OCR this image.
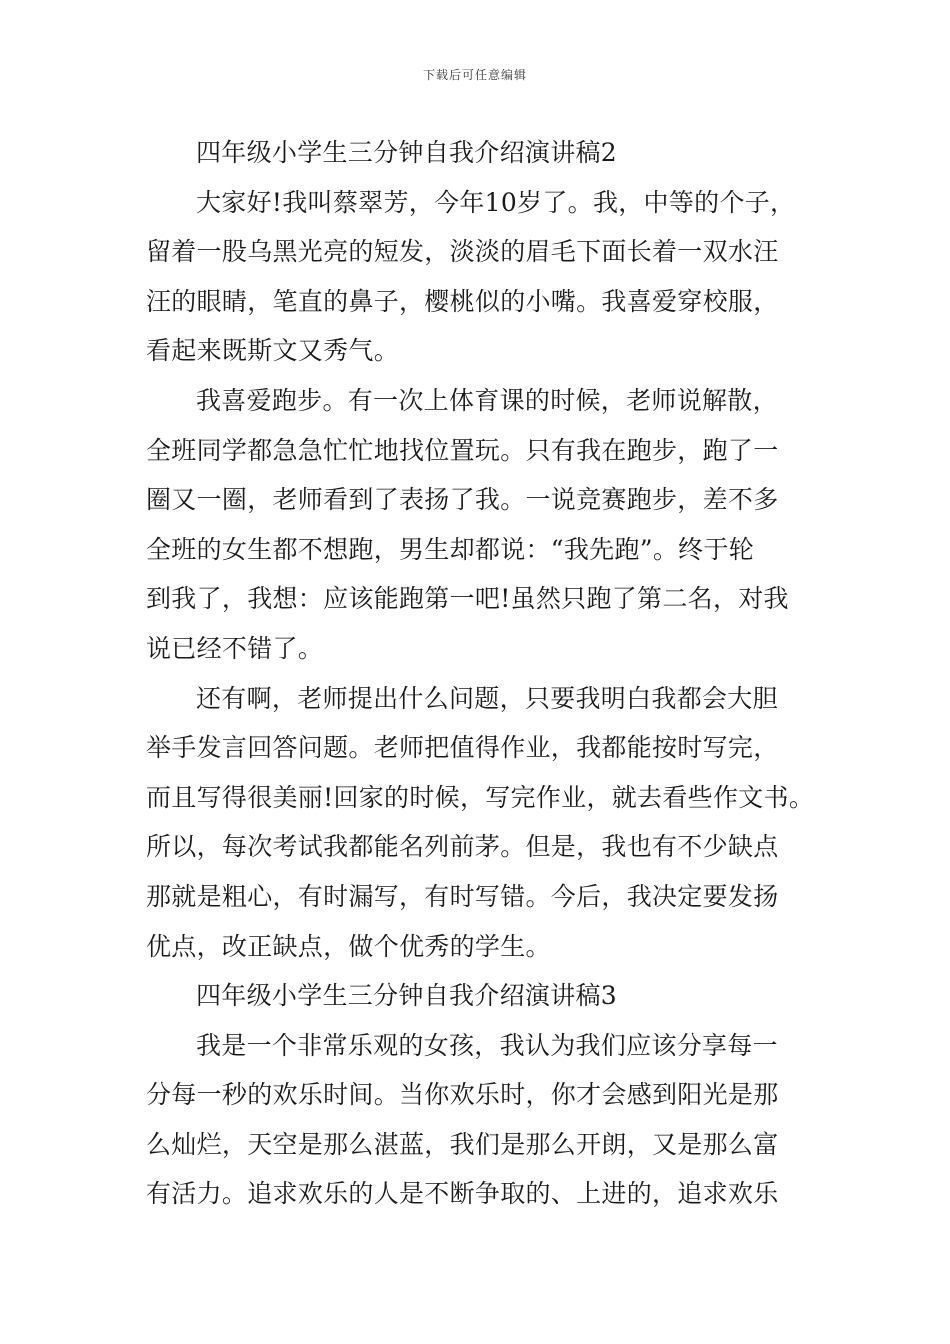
下载后可任意编辑

四年级小学生三分钟自我介绍演讲稿2

大家好!我叫蔡翠芳，今年10岁了。我，中等的个子，
留着一股乌黑光亮的短发，淡淡的眉毛下面长着一双水汪
汪的眼睛，笔直的鼻子，樱桃似的小嘴。我喜爱穿校服，
看起来既斯文又秀气。

我喜爱跑步。有一次上体育课的时候，老师说解散，
全班同学都急急忙忙地找位置玩。只有我在跑步，跑了一
圈又一圈，老师看到了表扬了我。一说竞赛跑步，差不多
全班的女生都不想跑，男生却都说：“我先跑”。终于轮
到我了，我想：应该能跑第一吧!虽然只跑了第二名，对我
说已经不错了。

还有啊，老师提出什么问题，只要我明白我都会大胆
举手发言回答问题。老师把值得作业，我都能按时写完，
而且写得很美丽!回家的时候，写完作业，就去看些作文书。
所以，每次考试我都能名列前茅。但是，我也有不少缺点
那就是粗心，有时漏写，有时写错。今后，我决定要发扬
优点，改正缺点，做个优秀的学生。

四年级小学生三分钟自我介绍演讲稿3

我是一个非常乐观的女孩，我认为我们应该分享每一
分每一秒的欢乐时间。当你欢乐时，你才会感到阳光是那
么灿烂，天空是那么湛蓝，我们是那么开朗，又是那么富
有活力。追求欢乐的人是不断争取的、上进的，追求欢乐
